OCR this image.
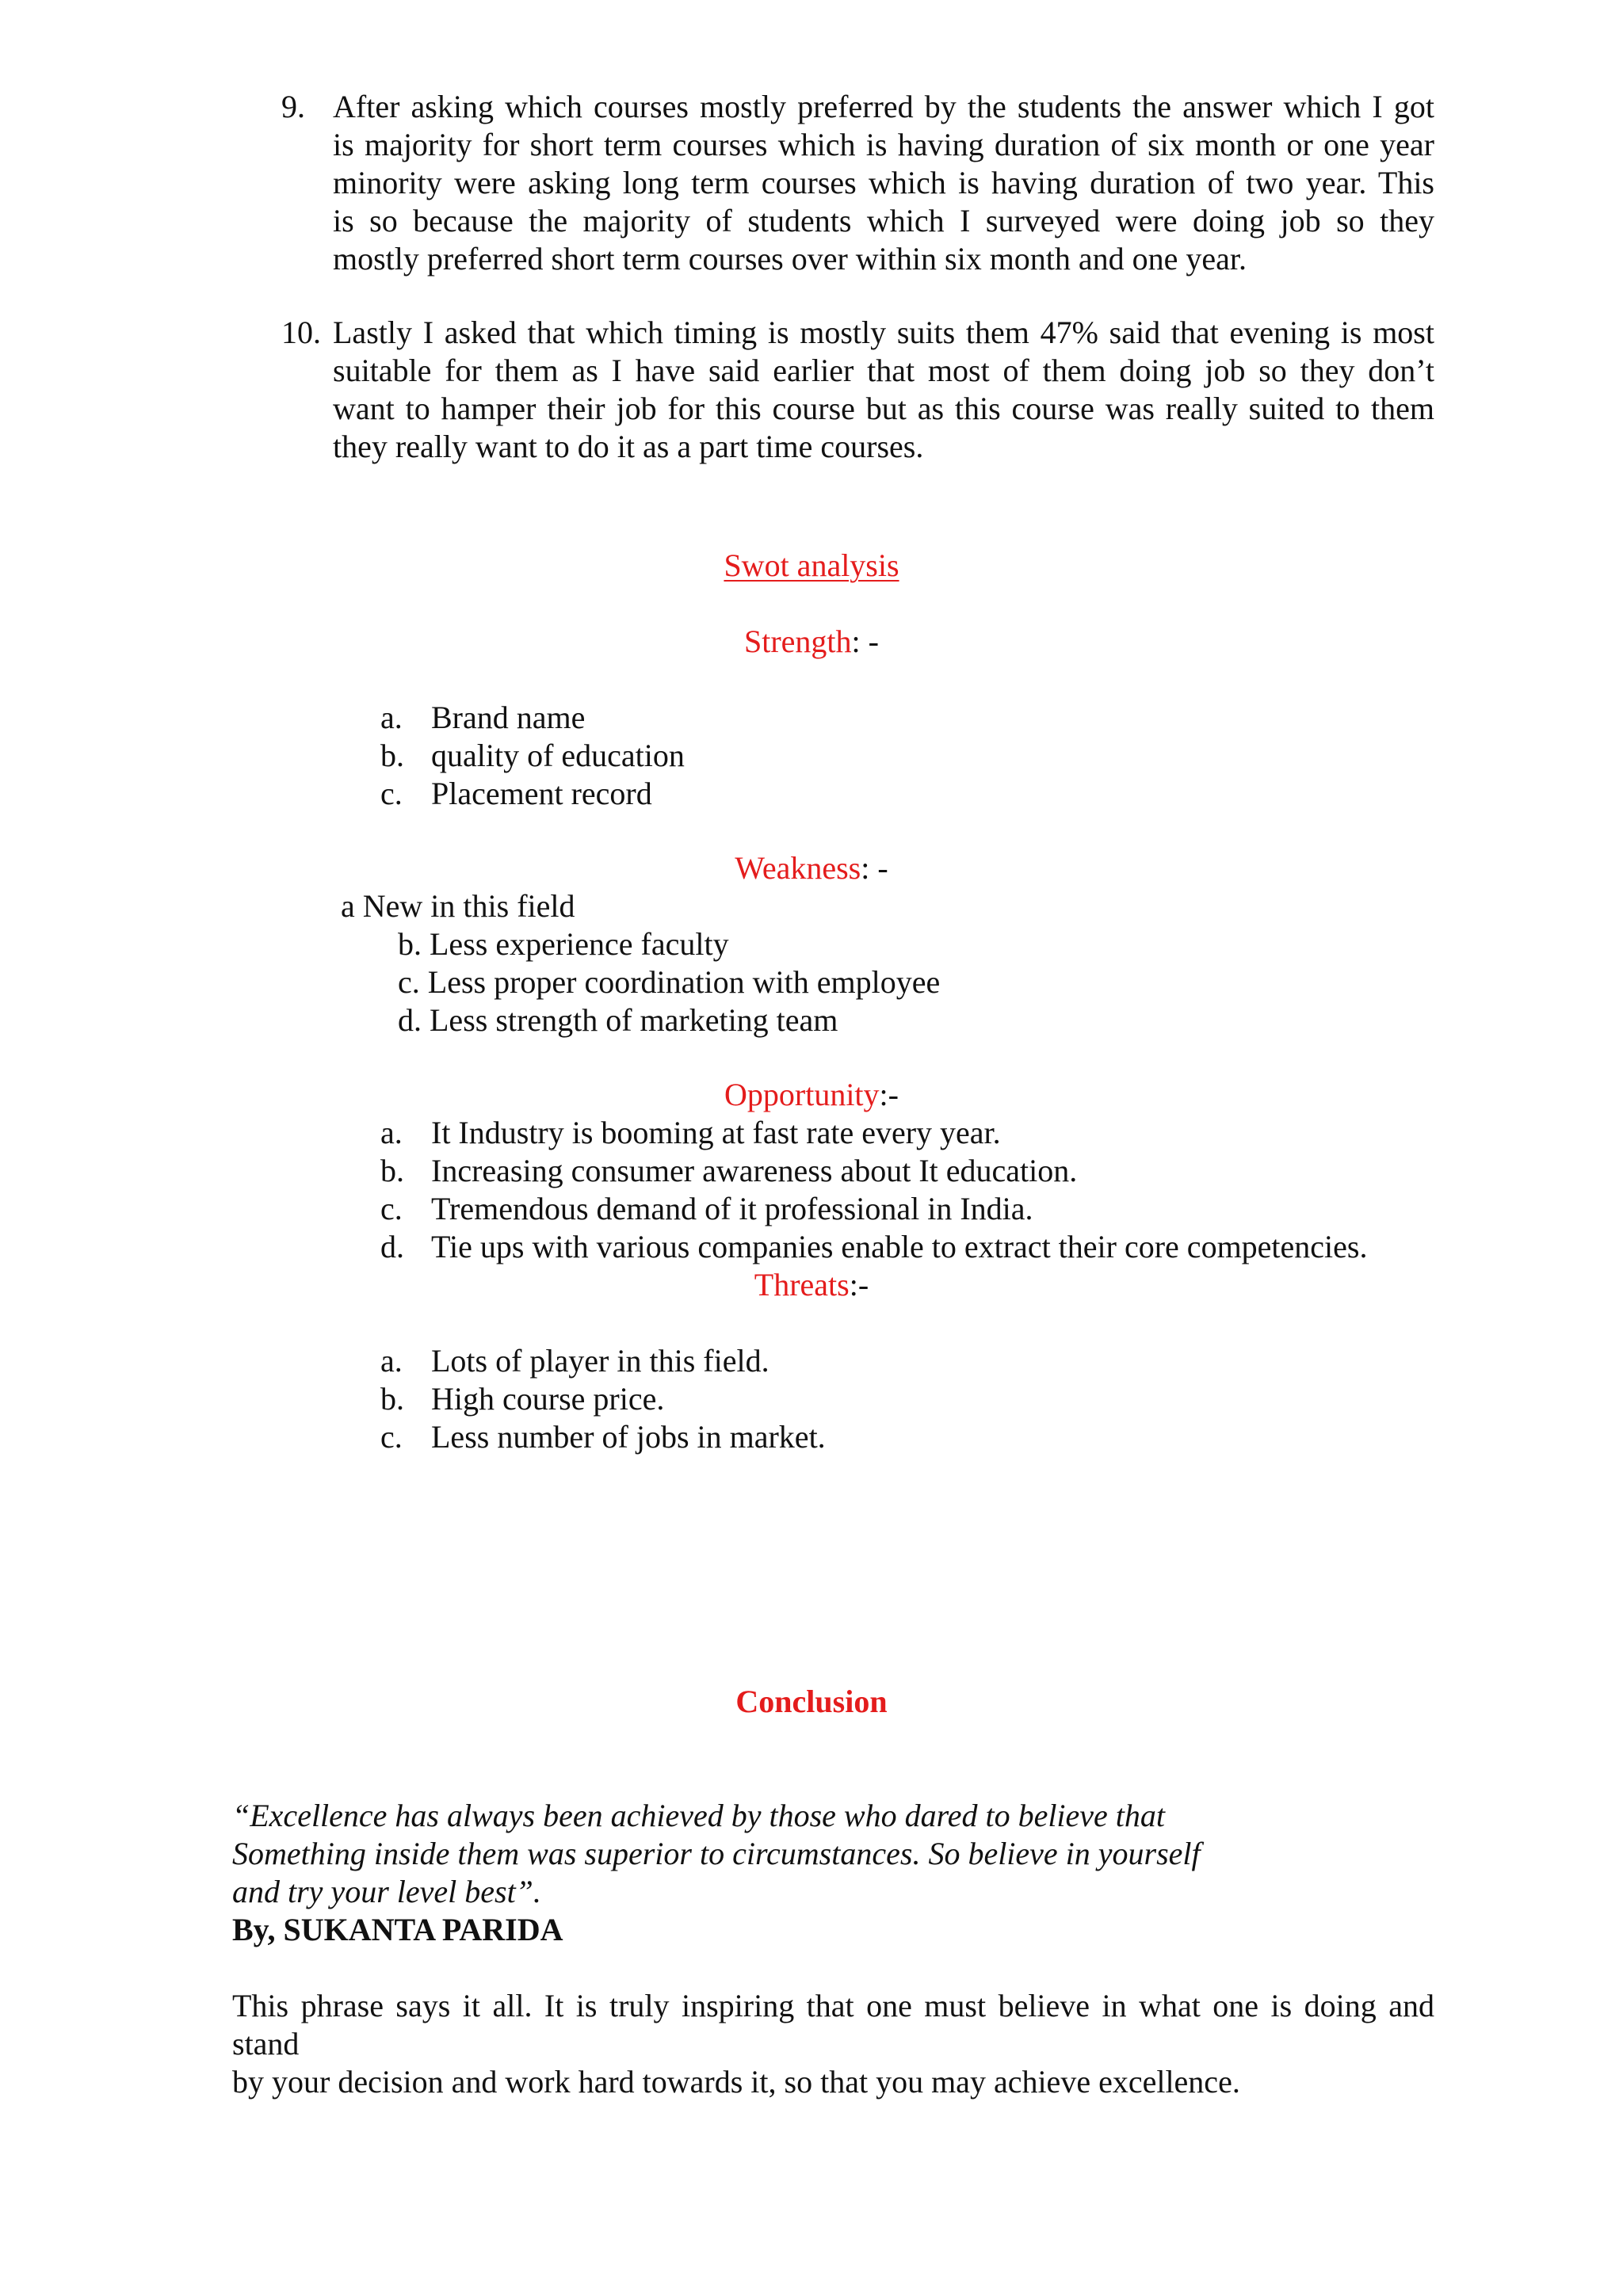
9. After asking which courses mostly preferred by the students the answer which I got
is majority for short term courses which is having duration of six month or one year
minority were asking long term courses which is having duration of two year. This
is so because the majority of students which I surveyed were doing job so they
mostly preferred short term courses over within six month and one year.
10. Lastly I asked that which timing is mostly suits them 47% said that evening is most
suitable for them as I have said earlier that most of them doing job so they don’t
want to hamper their job for this course but as this course was really suited to them
they really want to do it as a part time courses.
Swot analysis
Strength: -
a. Brand name
b. quality of education
c. Placement record
Weakness: -
a New in this field
b. Less experience faculty
c. Less proper coordination with employee
d. Less strength of marketing team
Opportunity:-
a. It Industry is booming at fast rate every year.
b. Increasing consumer awareness about It education.
c. Tremendous demand of it professional in India.
d. Tie ups with various companies enable to extract their core competencies.
Threats:-
a. Lots of player in this field.
b. High course price.
c. Less number of jobs in market.
Conclusion
“Excellence has always been achieved by those who dared to believe that
Something inside them was superior to circumstances. So believe in yourself
and try your level best”.
By, SUKANTA PARIDA
This phrase says it all. It is truly inspiring that one must believe in what one is doing and
stand
by your decision and work hard towards it, so that you may achieve excellence.
